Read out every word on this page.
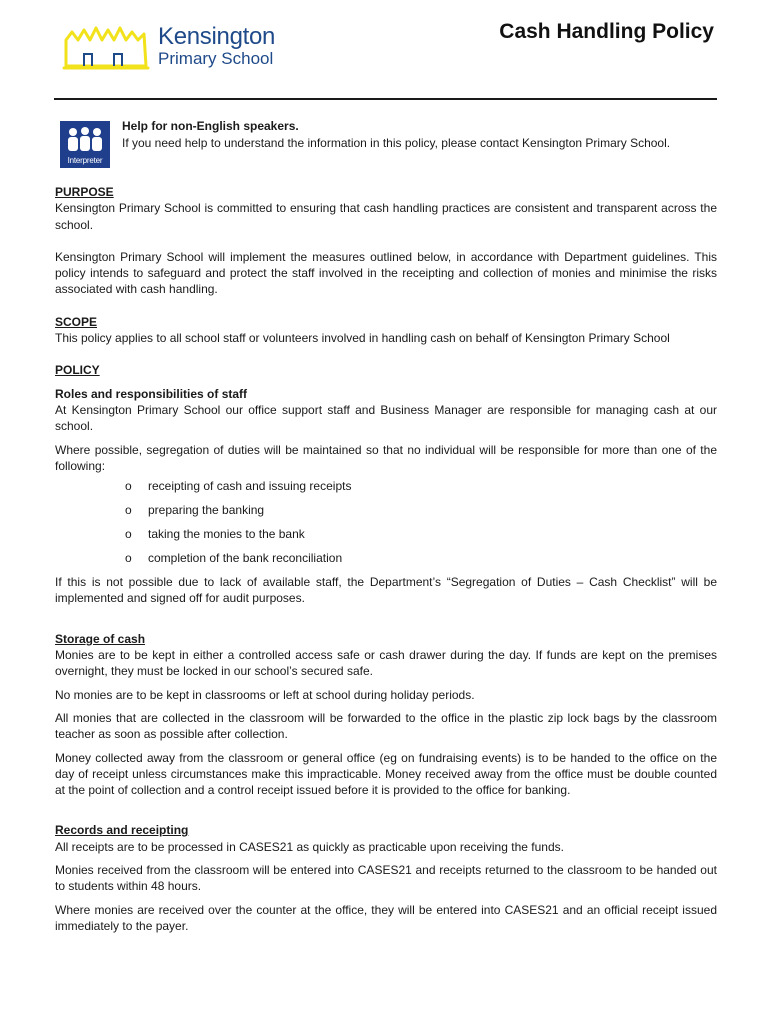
Kensington
Primary School
Cash Handling Policy
Interpreter
Help for non-English speakers.
If you need help to understand the information in this policy, please contact Kensington Primary School.

PURPOSE

Kensington Primary School is committed to ensuring that cash handling practices are consistent and transparent across the school.

Kensington Primary School will implement the measures outlined below, in accordance with Department guidelines. This policy intends to safeguard and protect the staff involved in the receipting and collection of monies and minimise the risks associated with cash handling.

SCOPE

This policy applies to all school staff or volunteers involved in handling cash on behalf of Kensington Primary School

POLICY

Roles and responsibilities of staff

At Kensington Primary School our office support staff and Business Manager are responsible for managing cash at our school.

Where possible, segregation of duties will be maintained so that no individual will be responsible for more than one of the following:

o receipting of cash and issuing receipts
o preparing the banking
o taking the monies to the bank
o completion of the bank reconciliation

If this is not possible due to lack of available staff, the Department’s “Segregation of Duties – Cash Checklist” will be implemented and signed off for audit purposes.

Storage of cash

Monies are to be kept in either a controlled access safe or cash drawer during the day. If funds are kept on the premises overnight, they must be locked in our school’s secured safe.

No monies are to be kept in classrooms or left at school during holiday periods.

All monies that are collected in the classroom will be forwarded to the office in the plastic zip lock bags by the classroom teacher as soon as possible after collection.

Money collected away from the classroom or general office (eg on fundraising events) is to be handed to the office on the day of receipt unless circumstances make this impracticable. Money received away from the office must be double counted at the point of collection and a control receipt issued before it is provided to the office for banking.

Records and receipting

All receipts are to be processed in CASES21 as quickly as practicable upon receiving the funds.

Monies received from the classroom will be entered into CASES21 and receipts returned to the classroom to be handed out to students within 48 hours.

Where monies are received over the counter at the office, they will be entered into CASES21 and an official receipt issued immediately to the payer.
